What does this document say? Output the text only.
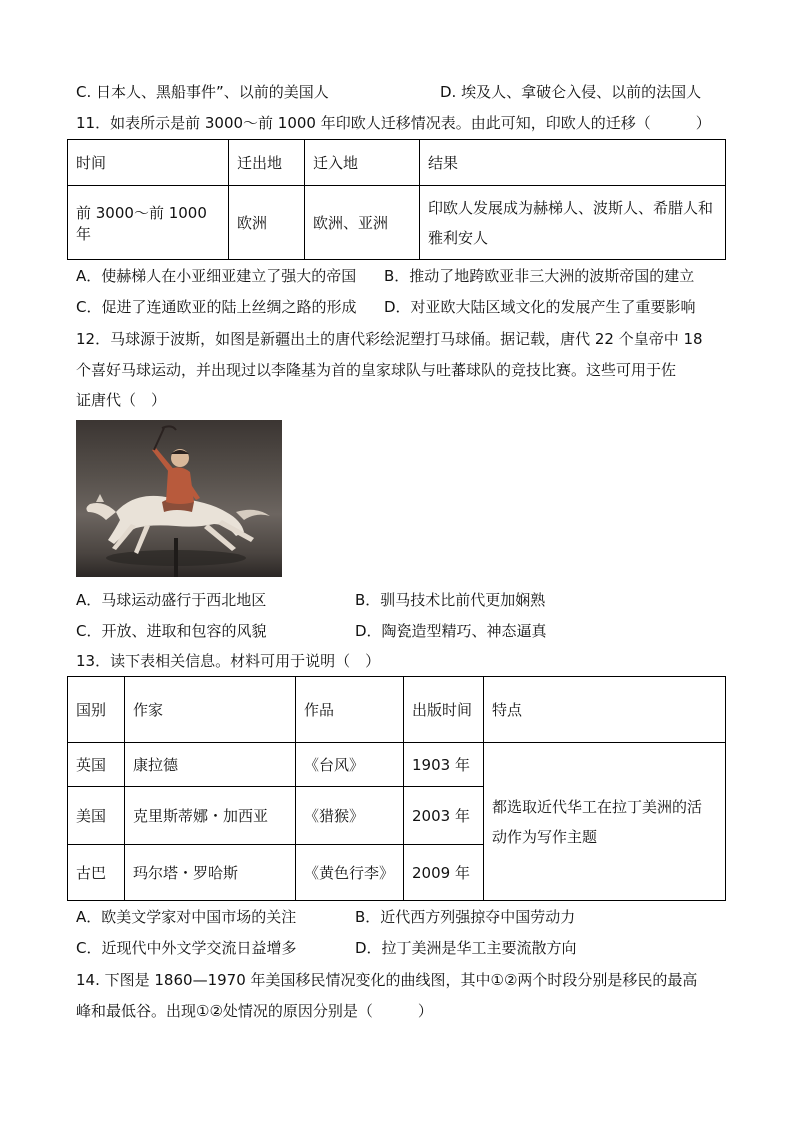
C. 日本人、黑船事件”、以前的美国人	D. 埃及人、拿破仑入侵、以前的法国人
11．如表所示是前 3000～前 1000 年印欧人迁移情况表。由此可知，印欧人的迁移（　　　）
时间	迁出地	迁入地	结果
前 3000～前 1000 年	欧洲	欧洲、亚洲	印欧人发展成为赫梯人、波斯人、希腊人和
雅利安人
A．使赫梯人在小亚细亚建立了强大的帝国 B．推动了地跨欧亚非三大洲的波斯帝国的建立
C．促进了连通欧亚的陆上丝绸之路的形成 D．对亚欧大陆区域文化的发展产生了重要影响
12．马球源于波斯，如图是新疆出土的唐代彩绘泥塑打马球俑。据记载，唐代 22 个皇帝中 18
个喜好马球运动，并出现过以李隆基为首的皇家球队与吐蕃球队的竞技比赛。这些可用于佐
证唐代（　）
A．马球运动盛行于西北地区	B．驯马技术比前代更加娴熟
C．开放、进取和包容的风貌	D．陶瓷造型精巧、神态逼真
13．读下表相关信息。材料可用于说明（　）
国别	作家	作品	出版时间	特点
英国	康拉德	《台风》	1903 年	都选取近代华工在拉丁美洲的活
动作为写作主题

美国	克里斯蒂娜・加西亚	《猎猴》	2003 年	
古巴	玛尔塔・罗哈斯	《黄色行李》	2009 年	
A．欧美文学家对中国市场的关注	B．近代西方列强掠夺中国劳动力
C．近现代中外文学交流日益增多	D．拉丁美洲是华工主要流散方向
14. 下图是 1860—1970 年美国移民情况变化的曲线图，其中①②两个时段分别是移民的最高
峰和最低谷。出现①②处情况的原因分别是（　　　）
